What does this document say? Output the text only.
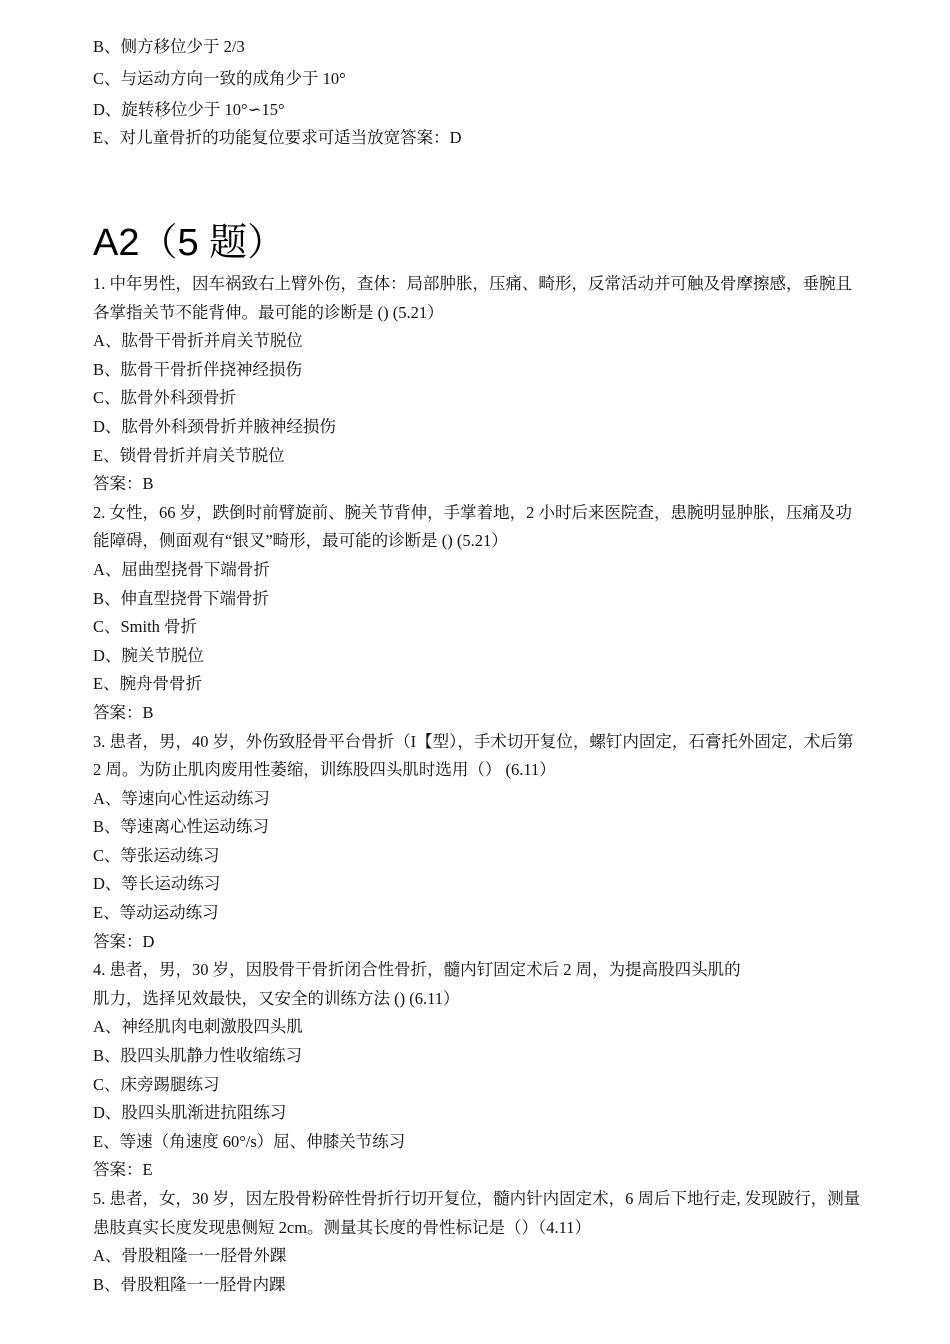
B、侧方移位少于 2/3
C、与运动方向一致的成角少于 10°
D、旋转移位少于 10°∽15°
E、对儿童骨折的功能复位要求可适当放宽答案：D
A2（5 题）
1. 中年男性，因车祸致右上臂外伤，查体：局部肿胀，压痛、畸形，反常活动并可触及骨摩擦感，垂腕且各掌指关节不能背伸。最可能的诊断是 () (5.21）
A、肱骨干骨折并肩关节脱位
B、肱骨干骨折伴挠神经损伤
C、肱骨外科颈骨折
D、肱骨外科颈骨折并腋神经损伤
E、锁骨骨折并肩关节脱位
答案：B
2. 女性，66 岁，跌倒时前臂旋前、腕关节背伸，手掌着地，2 小时后来医院查，患腕明显肿胀，压痛及功能障碍，侧面观有“银叉”畸形，最可能的诊断是 () (5.21）
A、屈曲型挠骨下端骨折
B、伸直型挠骨下端骨折
C、Smith 骨折
D、腕关节脱位
E、腕舟骨骨折
答案：B
3. 患者，男，40 岁，外伤致胫骨平台骨折（I【型），手术切开复位，螺钉内固定，石膏托外固定，术后第 2 周。为防止肌肉废用性萎缩，训练股四头肌时选用（） (6.11）
A、等速向心性运动练习
B、等速离心性运动练习
C、等张运动练习
D、等长运动练习
E、等动运动练习
答案：D
4. 患者，男，30 岁，因股骨干骨折闭合性骨折，髓内钉固定术后 2 周，为提高股四头肌的
肌力，选择见效最快，又安全的训练方法 () (6.11）
A、神经肌肉电刺激股四头肌
B、股四头肌静力性收缩练习
C、床旁踢腿练习
D、股四头肌渐进抗阻练习
E、等速（角速度 60°/s）屈、伸膝关节练习
答案：E
5. 患者，女，30 岁，因左股骨粉碎性骨折行切开复位，髓内针内固定术，6 周后下地行走, 发现跛行，测量患肢真实长度发现患侧短 2cm。测量其长度的骨性标记是（）（4.11）
A、骨股粗隆一一胫骨外踝
B、骨股粗隆一一胫骨内踝
